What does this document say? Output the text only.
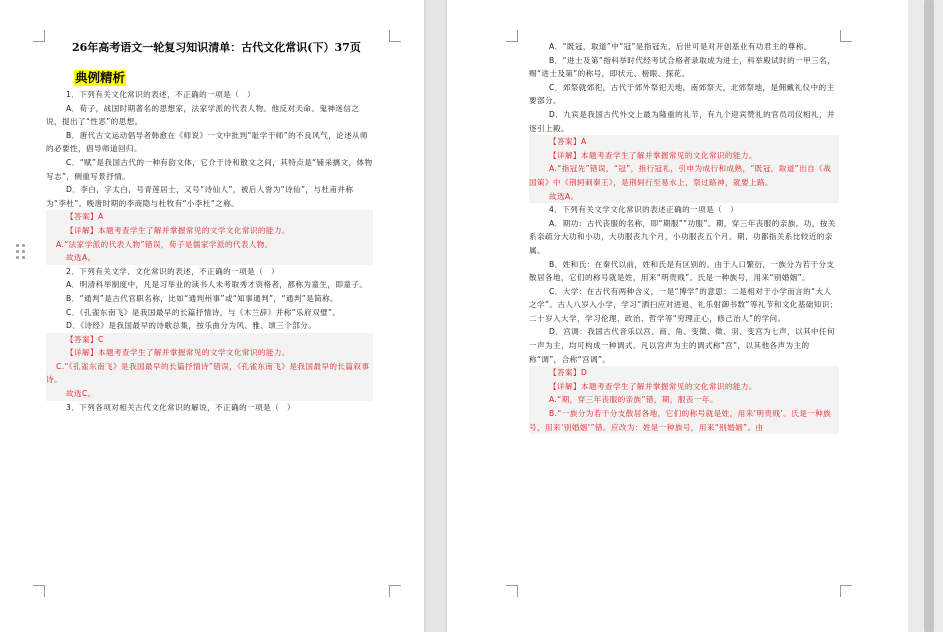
26年高考语文一轮复习知识清单：古代文化常识(下）37页
典例精析

1．下列有关文化常识的表述，不正确的一项是（　）

A．荀子，战国时期著名的思想家，法家学派的代表人物。他反对天命、鬼神迷信之说，提出了“性恶”的思想。

B．唐代古文运动倡导者韩愈在《师说》一文中批判“耻学于师”的不良风气，论述从师的必要性，倡导师道回归。

C．“赋”是我国古代的一种有韵文体，它介于诗和散文之间，其特点是“铺采摛文，体物写志”，侧重写景抒情。

D．李白，字太白，号青莲居士，又号“诗仙人”，被后人誉为“诗仙”，与杜甫并称为“李杜”。晚唐时期的李商隐与杜牧有“小李杜”之称。

【答案】A

【详解】本题考查学生了解并掌握常见的文学文化常识的能力。

A.“法家学派的代表人物”错误，荀子是儒家学派的代表人物。

故选A。

2．下列有关文学、文化常识的表述，不正确的一项是（　）

A．明清科举制度中，凡是习举业的读书人未考取秀才资格者，都称为童生，即童子。

B．“通判”是古代官职名称，比如“通判州事”或“知事通判”，“通判”是简称。

C．《孔雀东南飞》是我国最早的长篇抒情诗，与《木兰辞》并称“乐府双璧”。

D．《诗经》是我国最早的诗歌总集，按乐曲分为风、雅、颂三个部分。

【答案】C

【详解】本题考查学生了解并掌握常见的文学文化常识的能力。

C.“《孔雀东南飞》是我国最早的长篇抒情诗”错误，《孔雀东南飞》是我国最早的长篇叙事诗。

故选C。

3．下列各项对相关古代文化常识的解说，不正确的一项是（　）

A．“既冠，取道”中“冠”是指冠先，后世可是对开创基业有功君主的尊称。

B．“进士及第”指科举时代经考试合格者录取成为进士，科举殿试时的一甲三名，赐“进士及第”的称号，即状元、榜眼、探花。

C．郊祭就郊祀，古代于郊外祭祀天地，南郊祭天，北郊祭地，是佣戴礼仪中的主要部分。

D．九宾是我国古代外交上最为隆重的礼节，有九个迎宾赞礼的官员司仪相礼，并逐引上殿。

【答案】A

【详解】本题考查学生了解并掌握常见的文化常识的能力。

A.“指冠先”错误，“冠”，指行冠礼，引申为成行和成熟，“既冠，取道”出自《战国策》中《荆轲刺秦王》，是荆轲行至易水上，祭过路神，就要上路。

故选A。

4．下列有关文学文化常识的表述正确的一项是（　）

A．期功：古代丧服的名称，即“期服”“功服”。期，穿三年丧服的亲族。功，按关系亲疏分大功和小功，大功服丧九个月，小功服丧五个月。期、功都指关系比较近的亲属。

B．姓和氏：在秦代以前，姓和氏是有区别的。由于人口繁衍，一族分为若干分支散居各地，它们的称号就是姓，用来“明贵贱”。氏是一种族号，用来“别婚姻”。

C．大学：在古代有两种含义，一是“博学”的意思；二是相对于小学而言的“大人之学”。古人八岁入小学，学习“洒扫应对进退、礼乐射御书数”等礼节和文化基础知识；二十岁入大学，学习伦理、政治、哲学等“穷理正心，修己治人”的学问。

D．宫调：我国古代音乐以宫、商、角、变徵、徵、羽、变宫为七声，以其中任何一声为主，均可构成一种调式。凡以宫声为主的调式称“宫”，以其他各声为主的称“调”，合称“宫调”。

【答案】D

【详解】本题考查学生了解并掌握常见的文化常识的能力。

A.“期，穿三年丧服的亲族”错，期，服丧一年。

B.“一族分为若干分支散居各地，它们的称号就是姓，用来‘明贵贱’。氏是一种族号，用来‘别婚姻’”错。应改为：姓是一种族号，用来“别婚姻”。由
